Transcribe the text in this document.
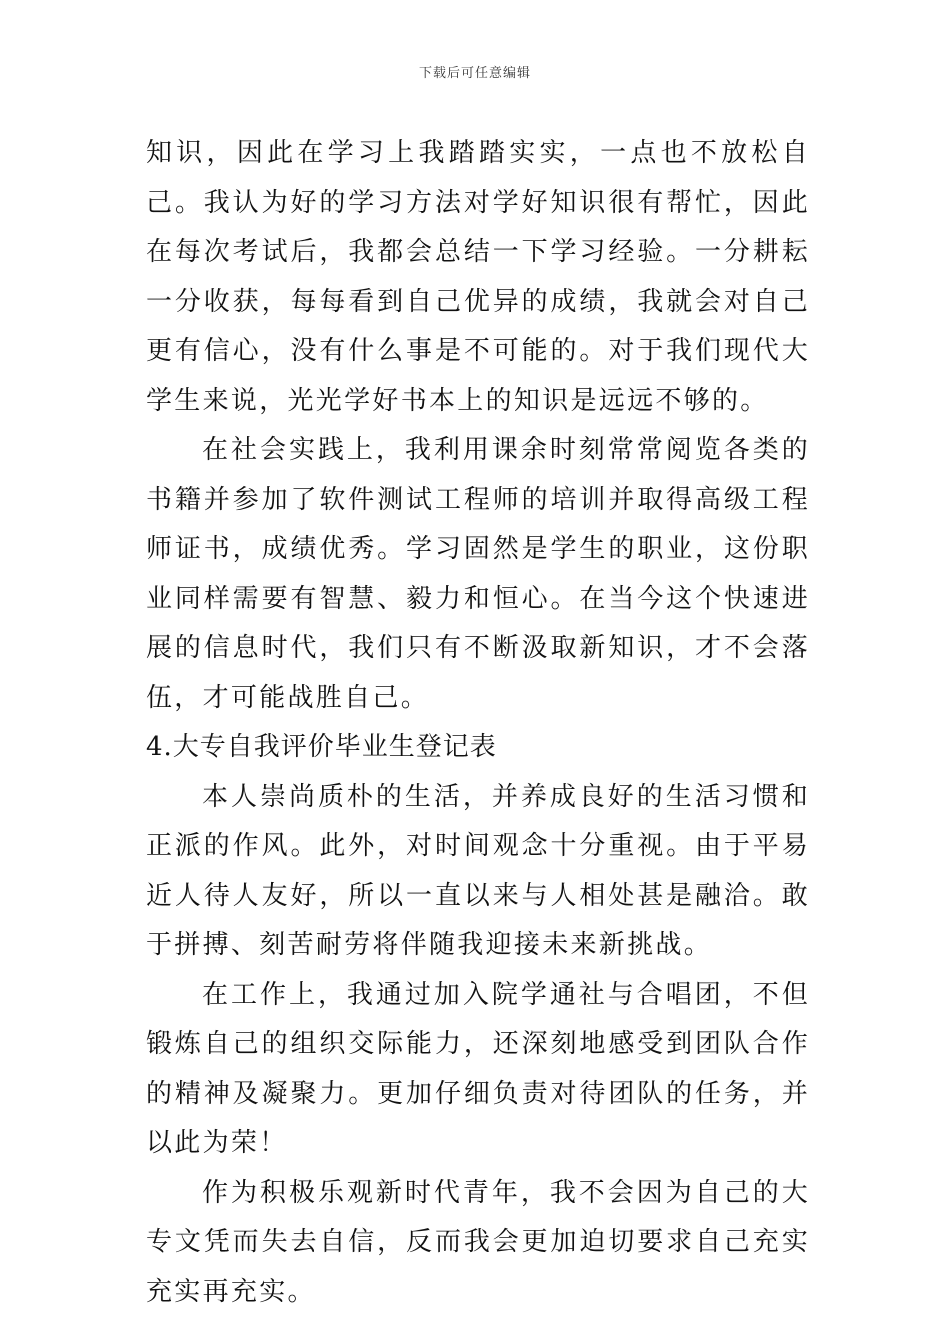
下载后可任意编辑

知识，因此在学习上我踏踏实实，一点也不放松自己。我认为好的学习方法对学好知识很有帮忙，因此在每次考试后，我都会总结一下学习经验。一分耕耘一分收获，每每看到自己优异的成绩，我就会对自己更有信心，没有什么事是不可能的。对于我们现代大学生来说，光光学好书本上的知识是远远不够的。

在社会实践上，我利用课余时刻常常阅览各类的书籍并参加了软件测试工程师的培训并取得高级工程师证书，成绩优秀。学习固然是学生的职业，这份职业同样需要有智慧、毅力和恒心。在当今这个快速进展的信息时代，我们只有不断汲取新知识，才不会落伍，才可能战胜自己。

4.大专自我评价毕业生登记表

本人崇尚质朴的生活，并养成良好的生活习惯和正派的作风。此外，对时间观念十分重视。由于平易近人待人友好，所以一直以来与人相处甚是融洽。敢于拼搏、刻苦耐劳将伴随我迎接未来新挑战。

在工作上，我通过加入院学通社与合唱团，不但锻炼自己的组织交际能力，还深刻地感受到团队合作的精神及凝聚力。更加仔细负责对待团队的任务，并以此为荣！

作为积极乐观新时代青年，我不会因为自己的大专文凭而失去自信，反而我会更加迫切要求自己充实充实再充实。
